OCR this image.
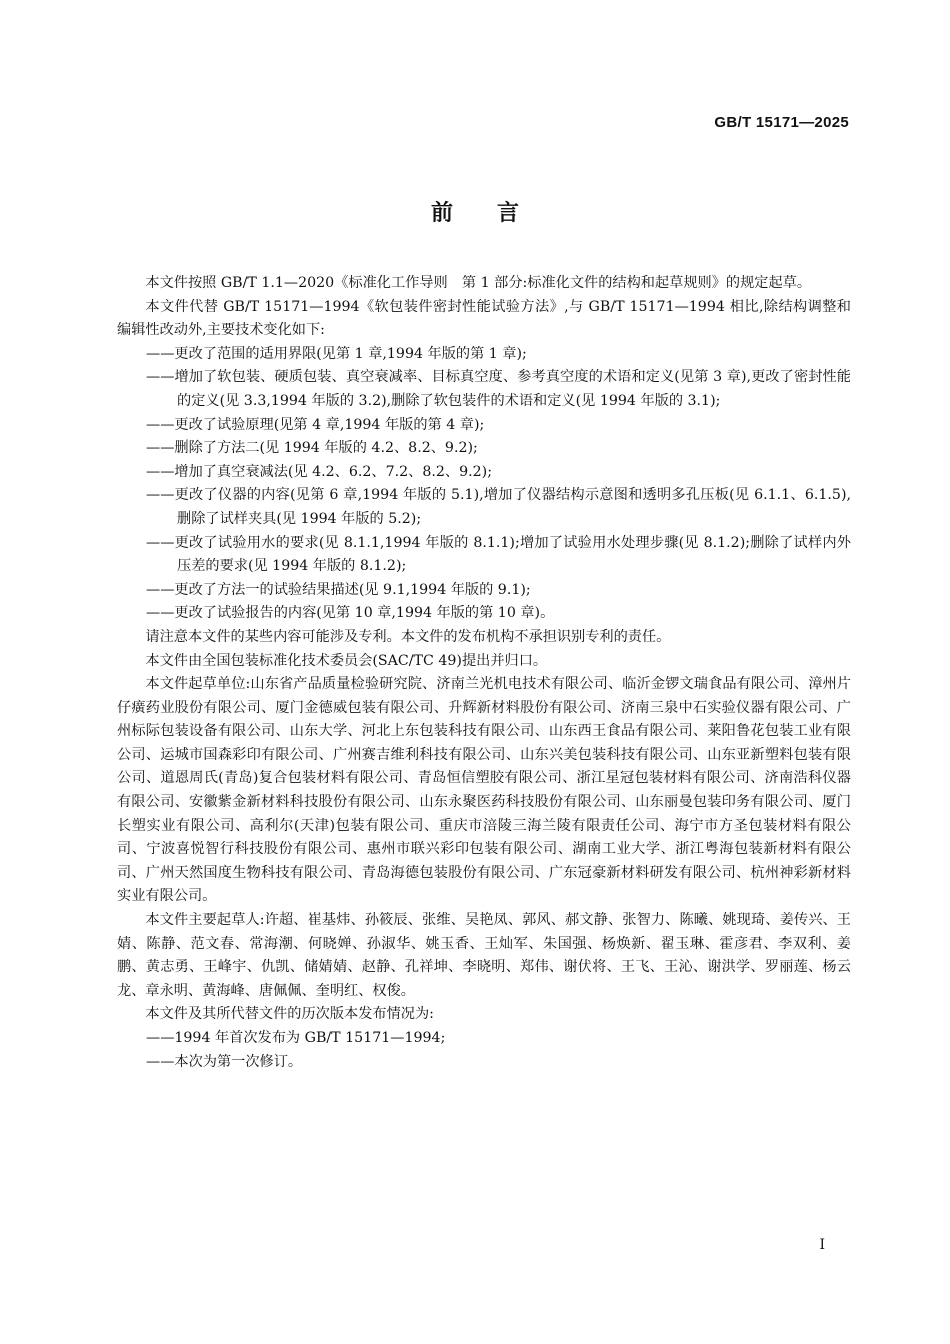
GB/T 15171—2025
前 言

本文件按照 GB/T 1.1—2020《标准化工作导则　第 1 部分:标准化文件的结构和起草规则》的规定起草。

本文件代替 GB/T 15171—1994《软包装件密封性能试验方法》,与 GB/T 15171—1994 相比,除结构调整和编辑性改动外,主要技术变化如下:

——更改了范围的适用界限(见第 1 章,1994 年版的第 1 章);

——增加了软包装、硬质包装、真空衰减率、目标真空度、参考真空度的术语和定义(见第 3 章),更改了密封性能的定义(见 3.3,1994 年版的 3.2),删除了软包装件的术语和定义(见 1994 年版的 3.1);

——更改了试验原理(见第 4 章,1994 年版的第 4 章);

——删除了方法二(见 1994 年版的 4.2、8.2、9.2);

——增加了真空衰减法(见 4.2、6.2、7.2、8.2、9.2);

——更改了仪器的内容(见第 6 章,1994 年版的 5.1),增加了仪器结构示意图和透明多孔压板(见 6.1.1、6.1.5),删除了试样夹具(见 1994 年版的 5.2);

——更改了试验用水的要求(见 8.1.1,1994 年版的 8.1.1);增加了试验用水处理步骤(见 8.1.2);删除了试样内外压差的要求(见 1994 年版的 8.1.2);

——更改了方法一的试验结果描述(见 9.1,1994 年版的 9.1);

——更改了试验报告的内容(见第 10 章,1994 年版的第 10 章)。

请注意本文件的某些内容可能涉及专利。本文件的发布机构不承担识别专利的责任。

本文件由全国包装标准化技术委员会(SAC/TC 49)提出并归口。

本文件起草单位:山东省产品质量检验研究院、济南兰光机电技术有限公司、临沂金锣文瑞食品有限公司、漳州片仔癀药业股份有限公司、厦门金德威包装有限公司、升辉新材料股份有限公司、济南三泉中石实验仪器有限公司、广州标际包装设备有限公司、山东大学、河北上东包装科技有限公司、山东西王食品有限公司、莱阳鲁花包装工业有限公司、运城市国森彩印有限公司、广州赛吉维利科技有限公司、山东兴美包装科技有限公司、山东亚新塑料包装有限公司、道恩周氏(青岛)复合包装材料有限公司、青岛恒信塑胶有限公司、浙江星冠包装材料有限公司、济南浩科仪器有限公司、安徽紫金新材料科技股份有限公司、山东永聚医药科技股份有限公司、山东丽曼包装印务有限公司、厦门长塑实业有限公司、高利尔(天津)包装有限公司、重庆市涪陵三海兰陵有限责任公司、海宁市方圣包装材料有限公司、宁波喜悦智行科技股份有限公司、惠州市联兴彩印包装有限公司、湖南工业大学、浙江粤海包装新材料有限公司、广州天然国度生物科技有限公司、青岛海德包装股份有限公司、广东冠豪新材料研发有限公司、杭州神彩新材料实业有限公司。

本文件主要起草人:许超、崔基炜、孙筱辰、张维、吴艳凤、郭风、郝文静、张智力、陈曦、姚现琦、姜传兴、王婧、陈静、范文春、常海潮、何晓婵、孙淑华、姚玉香、王灿军、朱国强、杨焕新、翟玉琳、霍彦君、李双利、姜鹏、黄志勇、王峰宇、仇凯、储婧婧、赵静、孔祥坤、李晓明、郑伟、谢伏将、王飞、王沁、谢洪学、罗丽莲、杨云龙、章永明、黄海峰、唐佩佩、奎明红、权俊。

本文件及其所代替文件的历次版本发布情况为:

——1994 年首次发布为 GB/T 15171—1994;

——本次为第一次修订。

I
